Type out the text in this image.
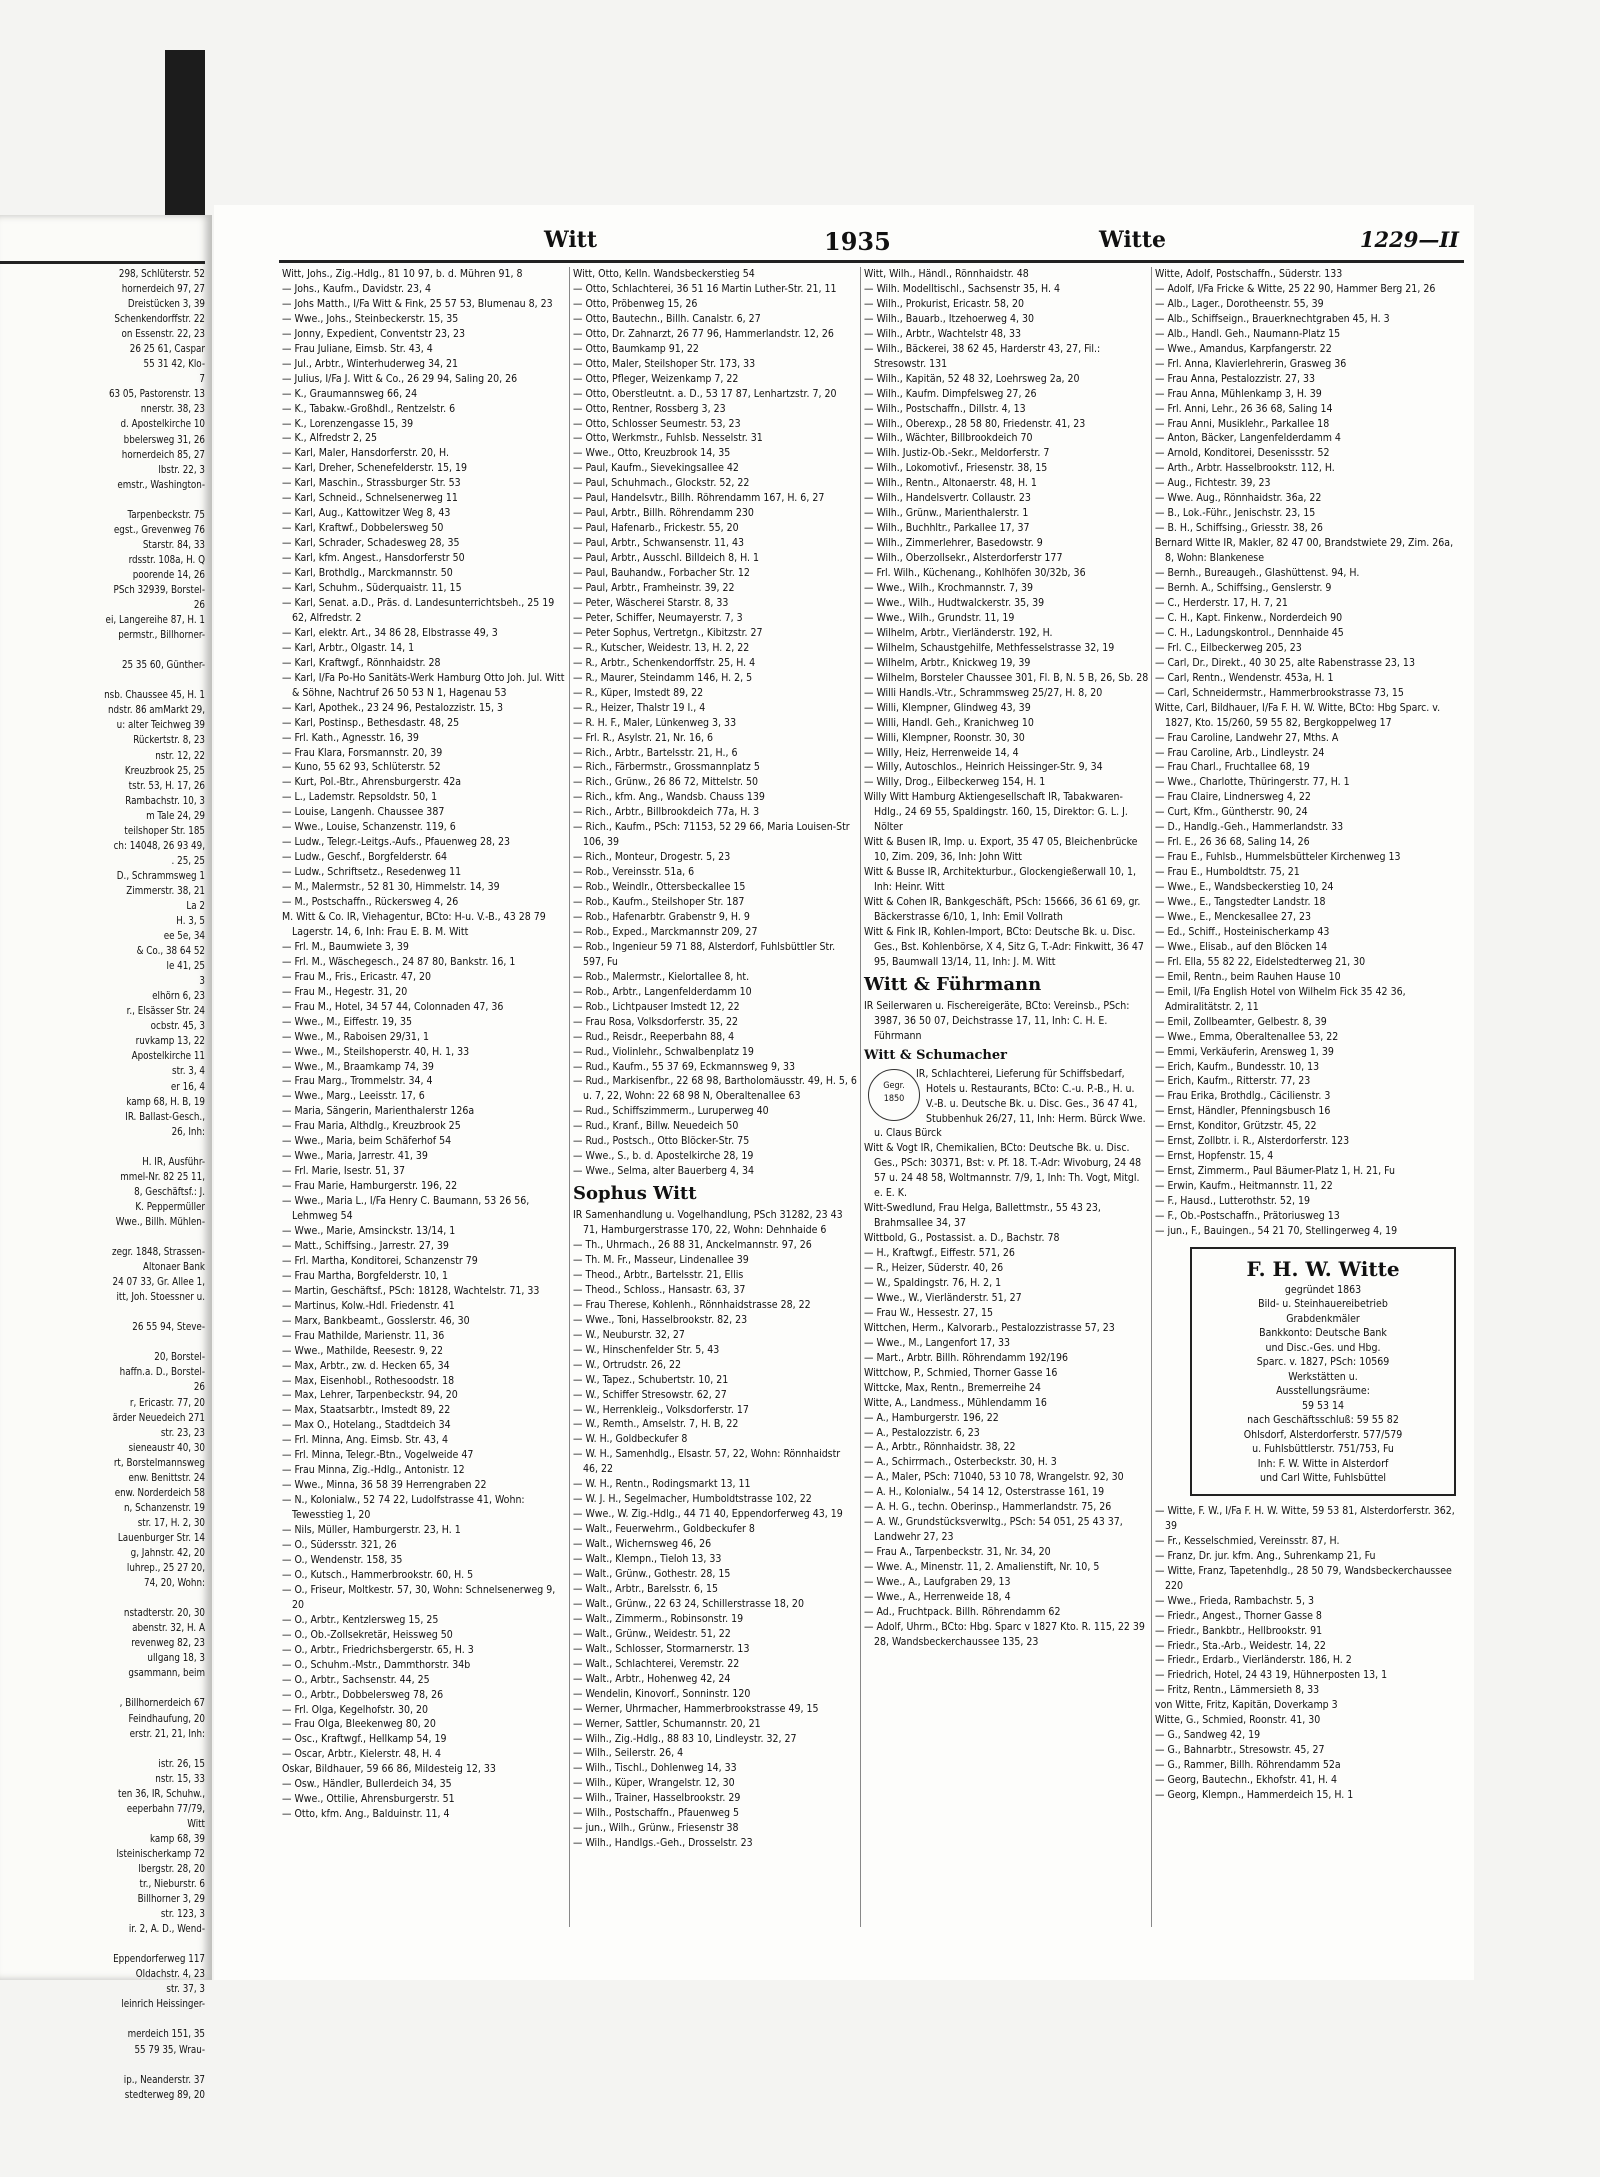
298, Schlüterstr. 52
hornerdeich 97, 27
Dreistücken 3, 39
Schenkendorffstr. 22
on Essenstr. 22, 23
26 25 61, Caspar
55 31 42, Klo-
7
63 05, Pastorenstr. 13
nnerstr. 38, 23
d. Apostelkirche 10
bbelersweg 31, 26
hornerdeich 85, 27
lbstr. 22, 3
emstr., Washington-

Tarpenbeckstr. 75
egst., Grevenweg 76
Starstr. 84, 33
rdsstr. 108a, H. Q
poorende 14, 26
PSch 32939, Borstel-
26
ei, Langereihe 87, H. 1
permstr., Billhorner-

25 35 60, Günther-

nsb. Chaussee 45, H. 1
ndstr. 86 amMarkt 29,
u: alter Teichweg 39
Rückertstr. 8, 23
nstr. 12, 22
Kreuzbrook 25, 25
tstr. 53, H. 17, 26
Rambachstr. 10, 3
m Tale 24, 29
teilshoper Str. 185
ch: 14048, 26 93 49,
. 25, 25
D., Schrammsweg 1
Zimmerstr. 38, 21
La 2
H. 3, 5
ee 5e, 34
& Co., 38 64 52
le 41, 25
3
elhörn 6, 23
r., Elsässer Str. 24
ocbstr. 45, 3
ruvkamp 13, 22
Apostelkirche 11
str. 3, 4
er 16, 4
kamp 68, H. B, 19
IR. Ballast-Gesch.,
26, Inh:

H. IR, Ausführ-
mmel-Nr. 82 25 11,
8, Geschäftsf.: J.
K. Peppermüller
Wwe., Billh. Mühlen-

zegr. 1848, Strassen-
Altonaer Bank
24 07 33, Gr. Allee 1,
itt, Joh. Stoessner u.

26 55 94, Steve-

20, Borstel-
haffn.a. D., Borstel-
26
r, Ericastr. 77, 20
ärder Neuedeich 271
str. 23, 23
sieneaustr 40, 30
rt, Borstelmannsweg
enw. Benittstr. 24
enw. Norderdeich 58
n, Schanzenstr. 19
str. 17, H. 2, 30
Lauenburger Str. 14
g, Jahnstr. 42, 20
luhrep., 25 27 20,
74, 20, Wohn:

nstadterstr. 20, 30
abenstr. 32, H. A
revenweg 82, 23
ullgang 18, 3
gsammann, beim

, Billhornerdeich 67
Feindhaufung, 20
erstr. 21, 21, Inh:

istr. 26, 15
nstr. 15, 33
ten 36, IR, Schuhw.,
eeperbahn 77/79,
Witt
kamp 68, 39
lsteinischerkamp 72
lbergstr. 28, 20
tr., Nieburstr. 6
Billhorner 3, 29
str. 123, 3
ir. 2, A. D., Wend-

Eppendorferweg 117
Oldachstr. 4, 23
str. 37, 3
leinrich Heissinger-

merdeich 151, 35
55 79 35, Wrau-

ip., Neanderstr. 37
stedterweg 89, 20
Witt	1935	Witte	1229—II
Witt, Johs., Zig.-Hdlg., 81 10 97, b. d. Mühren 91, 8
— Johs., Kaufm., Davidstr. 23, 4
— Johs Matth., I/Fa Witt & Fink, 25 57 53, Blumenau 8, 23
— Wwe., Johs., Steinbeckerstr. 15, 35
— Jonny, Expedient, Conventstr 23, 23
— Frau Juliane, Eimsb. Str. 43, 4
— Jul., Arbtr., Winterhuderweg 34, 21
— Julius, I/Fa J. Witt & Co., 26 29 94, Saling 20, 26
— K., Graumannsweg 66, 24
— K., Tabakw.-Großhdl., Rentzelstr. 6
— K., Lorenzengasse 15, 39
— K., Alfredstr 2, 25
— Karl, Maler, Hansdorferstr. 20, H.
— Karl, Dreher, Schenefelderstr. 15, 19
— Karl, Maschin., Strassburger Str. 53
— Karl, Schneid., Schnelsenerweg 11
— Karl, Aug., Kattowitzer Weg 8, 43
— Karl, Kraftwf., Dobbelersweg 50
— Karl, Schrader, Schadesweg 28, 35
— Karl, kfm. Angest., Hansdorferstr 50
— Karl, Brothdlg., Marckmannstr. 50
— Karl, Schuhm., Süderquaistr. 11, 15
— Karl, Senat. a.D., Präs. d. Landesunterrichtsbeh., 25 19 62, Alfredstr. 2
— Karl, elektr. Art., 34 86 28, Elbstrasse 49, 3
— Karl, Arbtr., Olgastr. 14, 1
— Karl, Kraftwgf., Rönnhaidstr. 28
— Karl, I/Fa Po-Ho Sanitäts-Werk Hamburg Otto Joh. Jul. Witt & Söhne, Nachtruf 26 50 53 N 1, Hagenau 53
— Karl, Apothek., 23 24 96, Pestalozzistr. 15, 3
— Karl, Postinsp., Bethesdastr. 48, 25
— Frl. Kath., Agnesstr. 16, 39
— Frau Klara, Forsmannstr. 20, 39
— Kuno, 55 62 93, Schlüterstr. 52
— Kurt, Pol.-Btr., Ahrensburgerstr. 42a
— L., Lademstr. Repsoldstr. 50, 1
— Louise, Langenh. Chaussee 387
— Wwe., Louise, Schanzenstr. 119, 6
— Ludw., Telegr.-Leitgs.-Aufs., Pfauenweg 28, 23
— Ludw., Geschf., Borgfelderstr. 64
— Ludw., Schriftsetz., Resedenweg 11
— M., Malermstr., 52 81 30, Himmelstr. 14, 39
— M., Postschaffn., Rückersweg 4, 26
M. Witt & Co. IR, Viehagentur, BCto: H-u. V.-B., 43 28 79 Lagerstr. 14, 6, Inh: Frau E. B. M. Witt
— Frl. M., Baumwiete 3, 39
— Frl. M., Wäschegesch., 24 87 80, Bankstr. 16, 1
— Frau M., Fris., Ericastr. 47, 20
— Frau M., Hegestr. 31, 20
— Frau M., Hotel, 34 57 44, Colonnaden 47, 36
— Wwe., M., Eiffestr. 19, 35
— Wwe., M., Raboisen 29/31, 1
— Wwe., M., Steilshoperstr. 40, H. 1, 33
— Wwe., M., Braamkamp 74, 39
— Frau Marg., Trommelstr. 34, 4
— Wwe., Marg., Leeisstr. 17, 6
— Maria, Sängerin, Marienthalerstr 126a
— Frau Maria, Althdlg., Kreuzbrook 25
— Wwe., Maria, beim Schäferhof 54
— Wwe., Maria, Jarrestr. 41, 39
— Frl. Marie, Isestr. 51, 37
— Frau Marie, Hamburgerstr. 196, 22
— Wwe., Maria L., I/Fa Henry C. Baumann, 53 26 56, Lehmweg 54
— Wwe., Marie, Amsinckstr. 13/14, 1
— Matt., Schiffsing., Jarrestr. 27, 39
— Frl. Martha, Konditorei, Schanzenstr 79
— Frau Martha, Borgfelderstr. 10, 1
— Martin, Geschäftsf., PSch: 18128, Wachtelstr. 71, 33
— Martinus, Kolw.-Hdl. Friedenstr. 41
— Marx, Bankbeamt., Gosslerstr. 46, 30
— Frau Mathilde, Marienstr. 11, 36
— Wwe., Mathilde, Reesestr. 9, 22
— Max, Arbtr., zw. d. Hecken 65, 34
— Max, Eisenhobl., Rothesoodstr. 18
— Max, Lehrer, Tarpenbeckstr. 94, 20
— Max, Staatsarbtr., Imstedt 89, 22
— Max O., Hotelang., Stadtdeich 34
— Frl. Minna, Ang. Eimsb. Str. 43, 4
— Frl. Minna, Telegr.-Btn., Vogelweide 47
— Frau Minna, Zig.-Hdlg., Antonistr. 12
— Wwe., Minna, 36 58 39 Herrengraben 22
— N., Kolonialw., 52 74 22, Ludolfstrasse 41, Wohn: Tewesstieg 1, 20
— Nils, Müller, Hamburgerstr. 23, H. 1
— O., Südersstr. 321, 26
— O., Wendenstr. 158, 35
— O., Kutsch., Hammerbrookstr. 60, H. 5
— O., Friseur, Moltkestr. 57, 30, Wohn: Schnelsenerweg 9, 20
— O., Arbtr., Kentzlersweg 15, 25
— O., Ob.-Zollsekretär, Heissweg 50
— O., Arbtr., Friedrichsbergerstr. 65, H. 3
— O., Schuhm.-Mstr., Dammthorstr. 34b
— O., Arbtr., Sachsenstr. 44, 25
— O., Arbtr., Dobbelersweg 78, 26
— Frl. Olga, Kegelhofstr. 30, 20
— Frau Olga, Bleekenweg 80, 20
— Osc., Kraftwgf., Hellkamp 54, 19
— Oscar, Arbtr., Kielerstr. 48, H. 4
Oskar, Bildhauer, 59 66 86, Mildesteig 12, 33
— Osw., Händler, Bullerdeich 34, 35
— Wwe., Ottilie, Ahrensburgerstr. 51
— Otto, kfm. Ang., Balduinstr. 11, 4
Witt, Otto, Kelln. Wandsbeckerstieg 54
— Otto, Schlachterei, 36 51 16 Martin Luther-Str. 21, 11
— Otto, Pröbenweg 15, 26
— Otto, Bautechn., Billh. Canalstr. 6, 27
— Otto, Dr. Zahnarzt, 26 77 96, Hammerlandstr. 12, 26
— Otto, Baumkamp 91, 22
— Otto, Maler, Steilshoper Str. 173, 33
— Otto, Pfleger, Weizenkamp 7, 22
— Otto, Oberstleutnt. a. D., 53 17 87, Lenhartzstr. 7, 20
— Otto, Rentner, Rossberg 3, 23
— Otto, Schlosser Seumestr. 53, 23
— Otto, Werkmstr., Fuhlsb. Nesselstr. 31
— Wwe., Otto, Kreuzbrook 14, 35
— Paul, Kaufm., Sievekingsallee 42
— Paul, Schuhmach., Glockstr. 52, 22
— Paul, Handelsvtr., Billh. Röhrendamm 167, H. 6, 27
— Paul, Arbtr., Billh. Röhrendamm 230
— Paul, Hafenarb., Frickestr. 55, 20
— Paul, Arbtr., Schwansenstr. 11, 43
— Paul, Arbtr., Ausschl. Billdeich 8, H. 1
— Paul, Bauhandw., Forbacher Str. 12
— Paul, Arbtr., Framheinstr. 39, 22
— Peter, Wäscherei Starstr. 8, 33
— Peter, Schiffer, Neumayerstr. 7, 3
— Peter Sophus, Vertretgn., Kibitzstr. 27
— R., Kutscher, Weidestr. 13, H. 2, 22
— R., Arbtr., Schenkendorffstr. 25, H. 4
— R., Maurer, Steindamm 146, H. 2, 5
— R., Küper, Imstedt 89, 22
— R., Heizer, Thalstr 19 I., 4
— R. H. F., Maler, Lünkenweg 3, 33
— Frl. R., Asylstr. 21, Nr. 16, 6
— Rich., Arbtr., Bartelsstr. 21, H., 6
— Rich., Färbermstr., Grossmannplatz 5
— Rich., Grünw., 26 86 72, Mittelstr. 50
— Rich., kfm. Ang., Wandsb. Chauss 139
— Rich., Arbtr., Billbrookdeich 77a, H. 3
— Rich., Kaufm., PSch: 71153, 52 29 66, Maria Louisen-Str 106, 39
— Rich., Monteur, Drogestr. 5, 23
— Rob., Vereinsstr. 51a, 6
— Rob., Weindlr., Ottersbeckallee 15
— Rob., Kaufm., Steilshoper Str. 187
— Rob., Hafenarbtr. Grabenstr 9, H. 9
— Rob., Exped., Marckmannstr 209, 27
— Rob., Ingenieur 59 71 88, Alsterdorf, Fuhlsbüttler Str. 597, Fu
— Rob., Malermstr., Kielortallee 8, ht.
— Rob., Arbtr., Langenfelderdamm 10
— Rob., Lichtpauser Imstedt 12, 22
— Frau Rosa, Volksdorferstr. 35, 22
— Rud., Reisdr., Reeperbahn 88, 4
— Rud., Violinlehr., Schwalbenplatz 19
— Rud., Kaufm., 55 37 69, Eckmannsweg 9, 33
— Rud., Markisenfbr., 22 68 98, Bartholomäusstr. 49, H. 5, 6 u. 7, 22, Wohn: 22 68 98 N, Oberaltenallee 63
— Rud., Schiffszimmerm., Luruperweg 40
— Rud., Kranf., Billw. Neuedeich 50
— Rud., Postsch., Otto Blöcker-Str. 75
— Wwe., S., b. d. Apostelkirche 28, 19
— Wwe., Selma, alter Bauerberg 4, 34
Sophus Witt
IR Samenhandlung u. Vogelhandlung, PSch 31282, 23 43 71, Hamburgerstrasse 170, 22, Wohn: Dehnhaide 6
— Th., Uhrmach., 26 88 31, Anckelmannstr. 97, 26
— Th. M. Fr., Masseur, Lindenallee 39
— Theod., Arbtr., Bartelsstr. 21, Ellis
— Theod., Schloss., Hansastr. 63, 37
— Frau Therese, Kohlenh., Rönnhaidstrasse 28, 22
— Wwe., Toni, Hasselbrookstr. 82, 23
— W., Neuburstr. 32, 27
— W., Hinschenfelder Str. 5, 43
— W., Ortrudstr. 26, 22
— W., Tapez., Schubertstr. 10, 21
— W., Schiffer Stresowstr. 62, 27
— W., Herrenkleig., Volksdorferstr. 17
— W., Remth., Amselstr. 7, H. B, 22
— W. H., Goldbeckufer 8
— W. H., Samenhdlg., Elsastr. 57, 22, Wohn: Rönnhaidstr 46, 22
— W. H., Rentn., Rodingsmarkt 13, 11
— W. J. H., Segelmacher, Humboldtstrasse 102, 22
— Wwe., W. Zig.-Hdlg., 44 71 40, Eppendorferweg 43, 19
— Walt., Feuerwehrm., Goldbeckufer 8
— Walt., Wichernsweg 46, 26
— Walt., Klempn., Tieloh 13, 33
— Walt., Grünw., Gothestr. 28, 15
— Walt., Arbtr., Barelsstr. 6, 15
— Walt., Grünw., 22 63 24, Schillerstrasse 18, 20
— Walt., Zimmerm., Robinsonstr. 19
— Walt., Grünw., Weidestr. 51, 22
— Walt., Schlosser, Stormarnerstr. 13
— Walt., Schlachterei, Veremstr. 22
— Walt., Arbtr., Hohenweg 42, 24
— Wendelin, Kinovorf., Sonninstr. 120
— Werner, Uhrmacher, Hammerbrookstrasse 49, 15
— Werner, Sattler, Schumannstr. 20, 21
— Wilh., Zig.-Hdlg., 88 83 10, Lindleystr. 32, 27
— Wilh., Seilerstr. 26, 4
— Wilh., Tischl., Dohlenweg 14, 33
— Wilh., Küper, Wrangelstr. 12, 30
— Wilh., Trainer, Hasselbrookstr. 29
— Wilh., Postschaffn., Pfauenweg 5
— jun., Wilh., Grünw., Friesenstr 38
— Wilh., Handlgs.-Geh., Drosselstr. 23
Witt, Wilh., Händl., Rönnhaidstr. 48
— Wilh. Modelltischl., Sachsenstr 35, H. 4
— Wilh., Prokurist, Ericastr. 58, 20
— Wilh., Bauarb., Itzehoerweg 4, 30
— Wilh., Arbtr., Wachtelstr 48, 33
— Wilh., Bäckerei, 38 62 45, Harderstr 43, 27, Fil.: Stresowstr. 131
— Wilh., Kapitän, 52 48 32, Loehrsweg 2a, 20
— Wilh., Kaufm. Dimpfelsweg 27, 26
— Wilh., Postschaffn., Dillstr. 4, 13
— Wilh., Oberexp., 28 58 80, Friedenstr. 41, 23
— Wilh., Wächter, Billbrookdeich 70
— Wilh. Justiz-Ob.-Sekr., Meldorferstr. 7
— Wilh., Lokomotivf., Friesenstr. 38, 15
— Wilh., Rentn., Altonaerstr. 48, H. 1
— Wilh., Handelsvertr. Collaustr. 23
— Wilh., Grünw., Marienthalerstr. 1
— Wilh., Buchhltr., Parkallee 17, 37
— Wilh., Zimmerlehrer, Basedowstr. 9
— Wilh., Oberzollsekr., Alsterdorferstr 177
— Frl. Wilh., Küchenang., Kohlhöfen 30/32b, 36
— Wwe., Wilh., Krochmannstr. 7, 39
— Wwe., Wilh., Hudtwalckerstr. 35, 39
— Wwe., Wilh., Grundstr. 11, 19
— Wilhelm, Arbtr., Vierländerstr. 192, H.
— Wilhelm, Schaustgehilfe, Methfesselstrasse 32, 19
— Wilhelm, Arbtr., Knickweg 19, 39
— Wilhelm, Borsteler Chaussee 301, Fl. B, N. 5 B, 26, Sb. 28
— Willi Handls.-Vtr., Schrammsweg 25/27, H. 8, 20
— Willi, Klempner, Glindweg 43, 39
— Willi, Handl. Geh., Kranichweg 10
— Willi, Klempner, Roonstr. 30, 30
— Willy, Heiz, Herrenweide 14, 4
— Willy, Autoschlos., Heinrich Heissinger-Str. 9, 34
— Willy, Drog., Eilbeckerweg 154, H. 1
Willy Witt Hamburg Aktiengesellschaft IR, Tabakwaren-Hdlg., 24 69 55, Spaldingstr. 160, 15, Direktor: G. L. J. Nölter
Witt & Busen IR, Imp. u. Export, 35 47 05, Bleichenbrücke 10, Zim. 209, 36, Inh: John Witt
Witt & Busse IR, Architekturbur., Glockengießerwall 10, 1, Inh: Heinr. Witt
Witt & Cohen IR, Bankgeschäft, PSch: 15666, 36 61 69, gr. Bäckerstrasse 6/10, 1, Inh: Emil Vollrath
Witt & Fink IR, Kohlen-Import, BCto: Deutsche Bk. u. Disc. Ges., Bst. Kohlenbörse, X 4, Sitz G, T.-Adr: Finkwitt, 36 47 95, Baumwall 13/14, 11, Inh: J. M. Witt
Witt & Führmann
IR Seilerwaren u. Fischereigeräte, BCto: Vereinsb., PSch: 3987, 36 50 07, Deichstrasse 17, 11, Inh: C. H. E. Führmann
Witt & Schumacher
Gegr.
1850
IR, Schlachterei, Lieferung für Schiffsbedarf, Hotels u. Restaurants, BCto: C.-u. P.-B., H. u. V.-B. u. Deutsche Bk. u. Disc. Ges., 36 47 41, Stubbenhuk 26/27, 11, Inh: Herm. Bürck Wwe. u. Claus Bürck
Witt & Vogt IR, Chemikalien, BCto: Deutsche Bk. u. Disc. Ges., PSch: 30371, Bst: v. Pf. 18. T.-Adr: Wivoburg, 24 48 57 u. 24 48 58, Woltmannstr. 7/9, 1, Inh: Th. Vogt, Mitgl. e. E. K.
Witt-Swedlund, Frau Helga, Ballettmstr., 55 43 23, Brahmsallee 34, 37
Wittbold, G., Postassist. a. D., Bachstr. 78
— H., Kraftwgf., Eiffestr. 571, 26
— R., Heizer, Süderstr. 40, 26
— W., Spaldingstr. 76, H. 2, 1
— Wwe., W., Vierländerstr. 51, 27
— Frau W., Hessestr. 27, 15
Wittchen, Herm., Kalvorarb., Pestalozzistrasse 57, 23
— Wwe., M., Langenfort 17, 33
— Mart., Arbtr. Billh. Röhrendamm 192/196
Wittchow, P., Schmied, Thorner Gasse 16
Wittcke, Max, Rentn., Bremerreihe 24
Witte, A., Landmess., Mühlendamm 16
— A., Hamburgerstr. 196, 22
— A., Pestalozzistr. 6, 23
— A., Arbtr., Rönnhaidstr. 38, 22
— A., Schirrmach., Osterbeckstr. 30, H. 3
— A., Maler, PSch: 71040, 53 10 78, Wrangelstr. 92, 30
— A. H., Kolonialw., 54 14 12, Osterstrasse 161, 19
— A. H. G., techn. Oberinsp., Hammerlandstr. 75, 26
— A. W., Grundstücksverwltg., PSch: 54 051, 25 43 37, Landwehr 27, 23
— Frau A., Tarpenbeckstr. 31, Nr. 34, 20
— Wwe. A., Minenstr. 11, 2. Amalienstift, Nr. 10, 5
— Wwe., A., Laufgraben 29, 13
— Wwe., A., Herrenweide 18, 4
— Ad., Fruchtpack. Billh. Röhrendamm 62
— Adolf, Uhrm., BCto: Hbg. Sparc v 1827 Kto. R. 115, 22 39 28, Wandsbeckerchaussee 135, 23
Witte, Adolf, Postschaffn., Süderstr. 133
— Adolf, I/Fa Fricke & Witte, 25 22 90, Hammer Berg 21, 26
— Alb., Lager., Dorotheenstr. 55, 39
— Alb., Schiffseign., Brauerknechtgraben 45, H. 3
— Alb., Handl. Geh., Naumann-Platz 15
— Wwe., Amandus, Karpfangerstr. 22
— Frl. Anna, Klavierlehrerin, Grasweg 36
— Frau Anna, Pestalozzistr. 27, 33
— Frau Anna, Mühlenkamp 3, H. 39
— Frl. Anni, Lehr., 26 36 68, Saling 14
— Frau Anni, Musiklehr., Parkallee 18
— Anton, Bäcker, Langenfelderdamm 4
— Arnold, Konditorei, Desenissstr. 52
— Arth., Arbtr. Hasselbrookstr. 112, H.
— Aug., Fichtestr. 39, 23
— Wwe. Aug., Rönnhaidstr. 36a, 22
— B., Lok.-Führ., Jenischstr. 23, 15
— B. H., Schiffsing., Griesstr. 38, 26
Bernard Witte IR, Makler, 82 47 00, Brandstwiete 29, Zim. 26a, 8, Wohn: Blankenese
— Bernh., Bureaugeh., Glashüttenst. 94, H.
— Bernh. A., Schiffsing., Genslerstr. 9
— C., Herderstr. 17, H. 7, 21
— C. H., Kapt. Finkenw., Norderdeich 90
— C. H., Ladungskontrol., Dennhaide 45
— Frl. C., Eilbeckerweg 205, 23
— Carl, Dr., Direkt., 40 30 25, alte Rabenstrasse 23, 13
— Carl, Rentn., Wendenstr. 453a, H. 1
— Carl, Schneidermstr., Hammerbrookstrasse 73, 15
Witte, Carl, Bildhauer, I/Fa F. H. W. Witte, BCto: Hbg Sparc. v. 1827, Kto. 15/260, 59 55 82, Bergkoppelweg 17
— Frau Caroline, Landwehr 27, Mths. A
— Frau Caroline, Arb., Lindleystr. 24
— Frau Charl., Fruchtallee 68, 19
— Wwe., Charlotte, Thüringerstr. 77, H. 1
— Frau Claire, Lindnersweg 4, 22
— Curt, Kfm., Güntherstr. 90, 24
— D., Handlg.-Geh., Hammerlandstr. 33
— Frl. E., 26 36 68, Saling 14, 26
— Frau E., Fuhlsb., Hummelsbütteler Kirchenweg 13
— Frau E., Humboldtstr. 75, 21
— Wwe., E., Wandsbeckerstieg 10, 24
— Wwe., E., Tangstedter Landstr. 18
— Wwe., E., Menckesallee 27, 23
— Ed., Schiff., Hosteinischerkamp 43
— Wwe., Elisab., auf den Blöcken 14
— Frl. Ella, 55 82 22, Eidelstedterweg 21, 30
— Emil, Rentn., beim Rauhen Hause 10
— Emil, I/Fa English Hotel von Wilhelm Fick 35 42 36, Admiralitätstr. 2, 11
— Emil, Zollbeamter, Gelbestr. 8, 39
— Wwe., Emma, Oberaltenallee 53, 22
— Emmi, Verkäuferin, Arensweg 1, 39
— Erich, Kaufm., Bundesstr. 10, 13
— Erich, Kaufm., Ritterstr. 77, 23
— Frau Erika, Brothdlg., Cäcilienstr. 3
— Ernst, Händler, Pfenningsbusch 16
— Ernst, Konditor, Grützstr. 45, 22
— Ernst, Zollbtr. i. R., Alsterdorferstr. 123
— Ernst, Hopfenstr. 15, 4
— Ernst, Zimmerm., Paul Bäumer-Platz 1, H. 21, Fu
— Erwin, Kaufm., Heitmannstr. 11, 22
— F., Hausd., Lutterothstr. 52, 19
— F., Ob.-Postschaffn., Prätoriusweg 13
— jun., F., Bauingen., 54 21 70, Stellingerweg 4, 19
F. H. W. Witte
gegründet 1863
Bild- u. Steinhauereibetrieb
Grabdenkmäler
Bankkonto: Deutsche Bank
und Disc.-Ges. und Hbg.
Sparc. v. 1827, PSch: 10569
Werkstätten u.
Ausstellungsräume:
59 53 14
nach Geschäftsschluß: 59 55 82
Ohlsdorf, Alsterdorferstr. 577/579
u. Fuhlsbüttlerstr. 751/753, Fu
Inh: F. W. Witte in Alsterdorf
und Carl Witte, Fuhlsbüttel
— Witte, F. W., I/Fa F. H. W. Witte, 59 53 81, Alsterdorferstr. 362, 39
— Fr., Kesselschmied, Vereinsstr. 87, H.
— Franz, Dr. jur. kfm. Ang., Suhrenkamp 21, Fu
— Witte, Franz, Tapetenhdlg., 28 50 79, Wandsbeckerchaussee 220
— Wwe., Frieda, Rambachstr. 5, 3
— Friedr., Angest., Thorner Gasse 8
— Friedr., Bankbtr., Hellbrookstr. 91
— Friedr., Sta.-Arb., Weidestr. 14, 22
— Friedr., Erdarb., Vierländerstr. 186, H. 2
— Friedrich, Hotel, 24 43 19, Hühnerposten 13, 1
— Fritz, Rentn., Lämmersieth 8, 33
von Witte, Fritz, Kapitän, Doverkamp 3
Witte, G., Schmied, Roonstr. 41, 30
— G., Sandweg 42, 19
— G., Bahnarbtr., Stresowstr. 45, 27
— G., Rammer, Billh. Röhrendamm 52a
— Georg, Bautechn., Ekhofstr. 41, H. 4
— Georg, Klempn., Hammerdeich 15, H. 1
